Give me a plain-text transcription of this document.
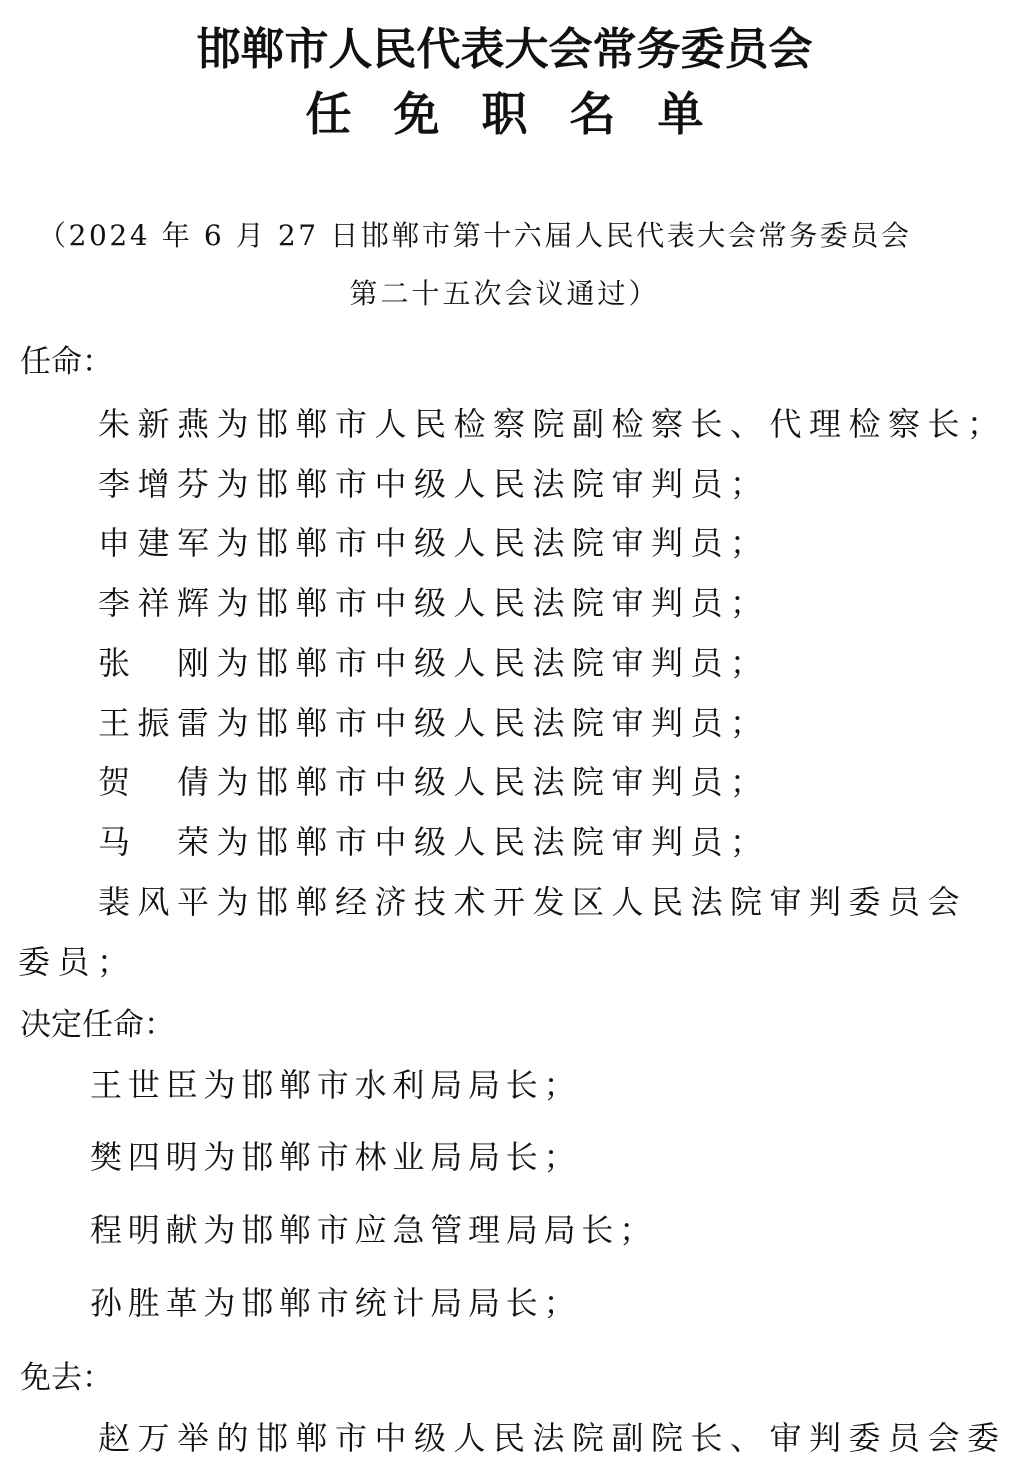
邯郸市人民代表大会常务委员会
任免职名单
（2024 年 6 月 27 日邯郸市第十六届人民代表大会常务委员会
第二十五次会议通过）
任命：
朱新燕为邯郸市人民检察院副检察长、代理检察长；
李增芬为邯郸市中级人民法院审判员；
申建军为邯郸市中级人民法院审判员；
李祥辉为邯郸市中级人民法院审判员；
张　刚为邯郸市中级人民法院审判员；
王振雷为邯郸市中级人民法院审判员；
贺　倩为邯郸市中级人民法院审判员；
马　荣为邯郸市中级人民法院审判员；
裴风平为邯郸经济技术开发区人民法院审判委员会
委员；
决定任命：
王世臣为邯郸市水利局局长；
樊四明为邯郸市林业局局长；
程明献为邯郸市应急管理局局长；
孙胜革为邯郸市统计局局长；
免去：
赵万举的邯郸市中级人民法院副院长、审判委员会委
